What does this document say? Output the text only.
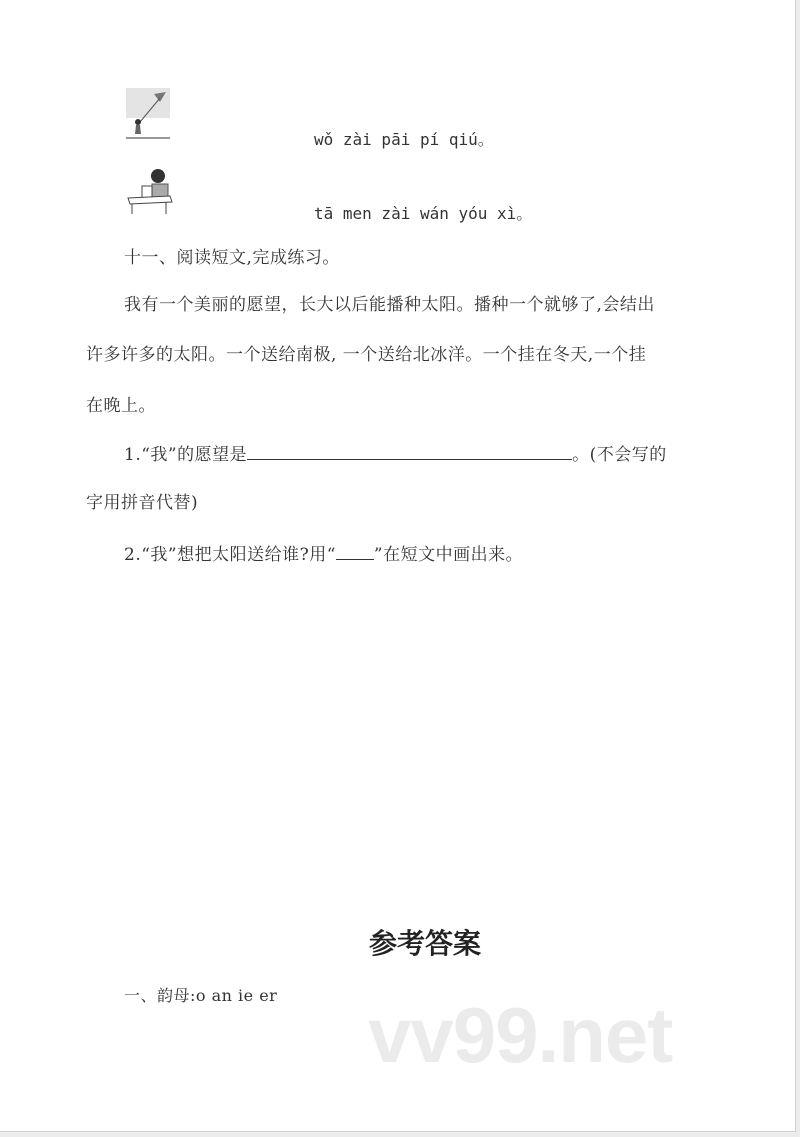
wǒ zài pāi pí qiú。
tā men zài wán yóu xì。
十一、阅读短文,完成练习。
我有一个美丽的愿望，长大以后能播种太阳。播种一个就够了,会结出
许多许多的太阳。一个送给南极, 一个送给北冰洋。一个挂在冬天,一个挂
在晚上。
1.“我”的愿望是	。(不会写的
字用拼音代替)
2.“我”想把太阳送给谁?用“ ”在短文中画出来。
vv99.net
参考答案
一、韵母:o an ie er
